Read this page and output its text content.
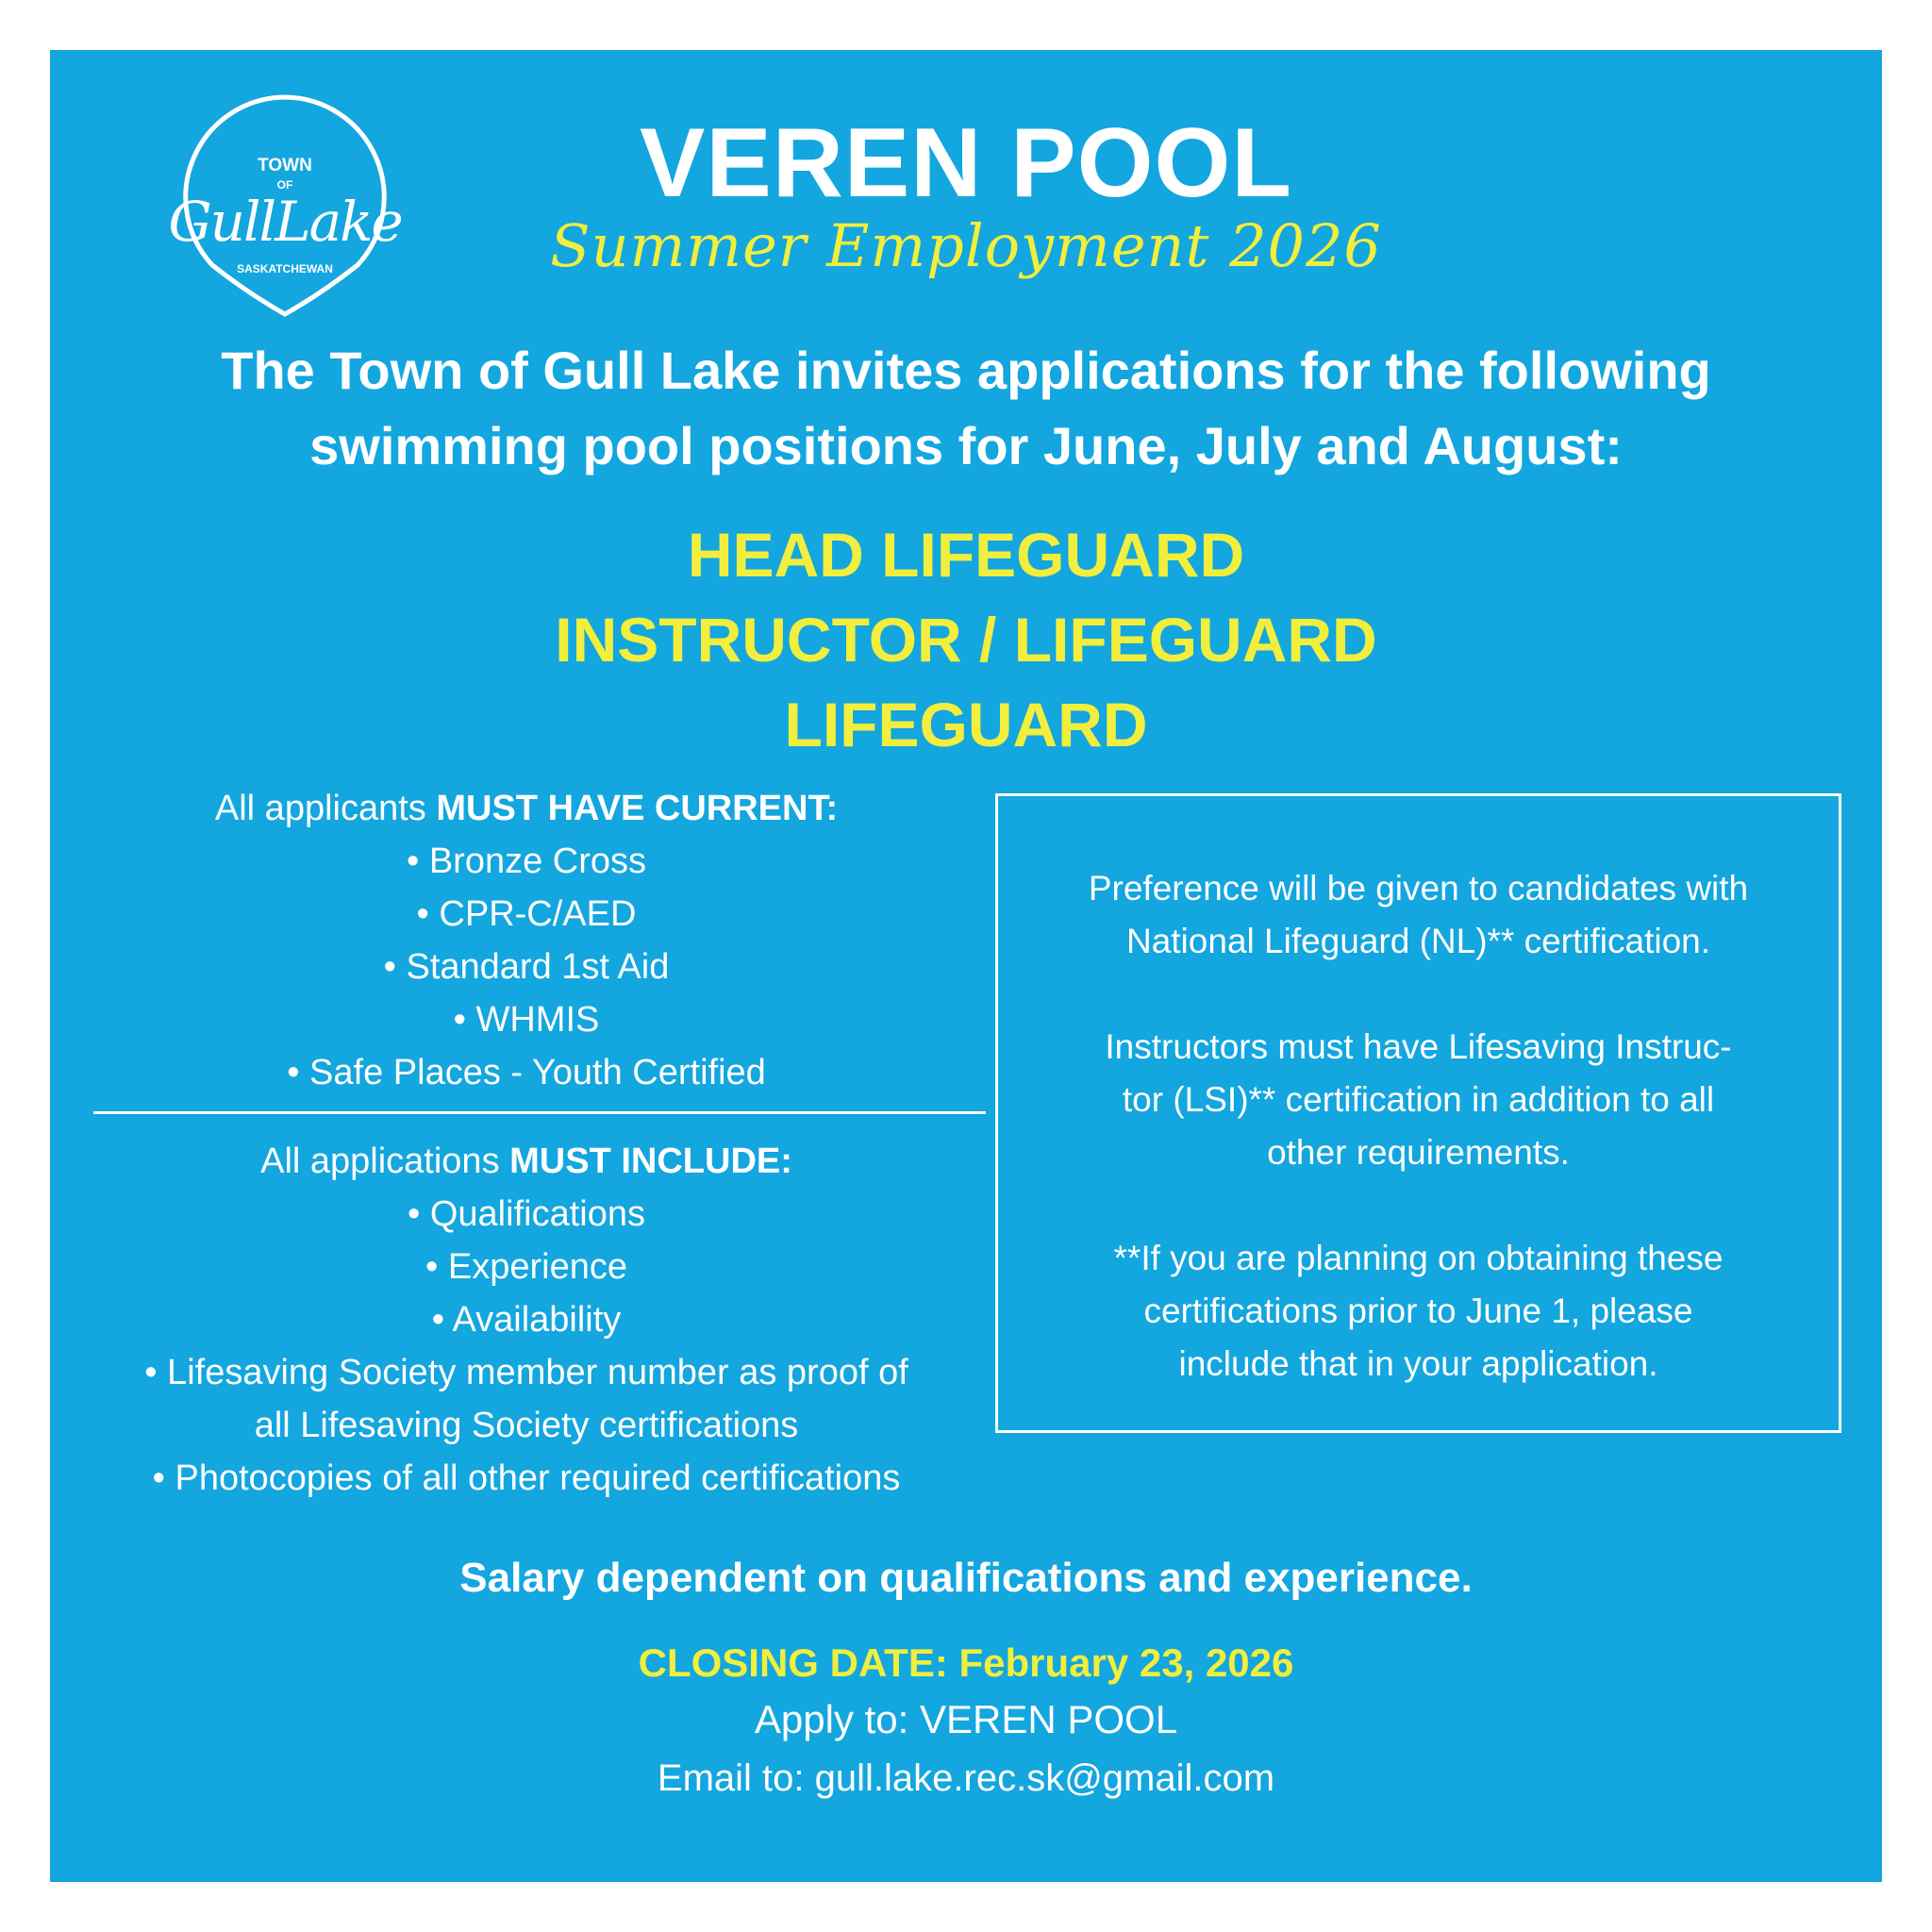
TOWN
OF
GullLake
SASKATCHEWAN
VEREN POOL
Summer Employment 2026
The Town of Gull Lake invites applications for the following
swimming pool positions for June, July and August:
HEAD LIFEGUARD
INSTRUCTOR / LIFEGUARD
LIFEGUARD
All applicants MUST HAVE CURRENT:
• Bronze Cross
• CPR-C/AED
• Standard 1st Aid
• WHMIS
• Safe Places - Youth Certified
All applications MUST INCLUDE:
• Qualifications
• Experience
• Availability
• Lifesaving Society member number as proof of
all Lifesaving Society certifications
• Photocopies of all other required certifications
Preference will be given to candidates with
National Lifeguard (NL)** certification.
Instructors must have Lifesaving Instruc-
tor (LSI)** certification in addition to all
other requirements.
**If you are planning on obtaining these
certifications prior to June 1, please
include that in your application.
Salary dependent on qualifications and experience.
CLOSING DATE: February 23, 2026
Apply to: VEREN POOL
Email to: gull.lake.rec.sk@gmail.com
